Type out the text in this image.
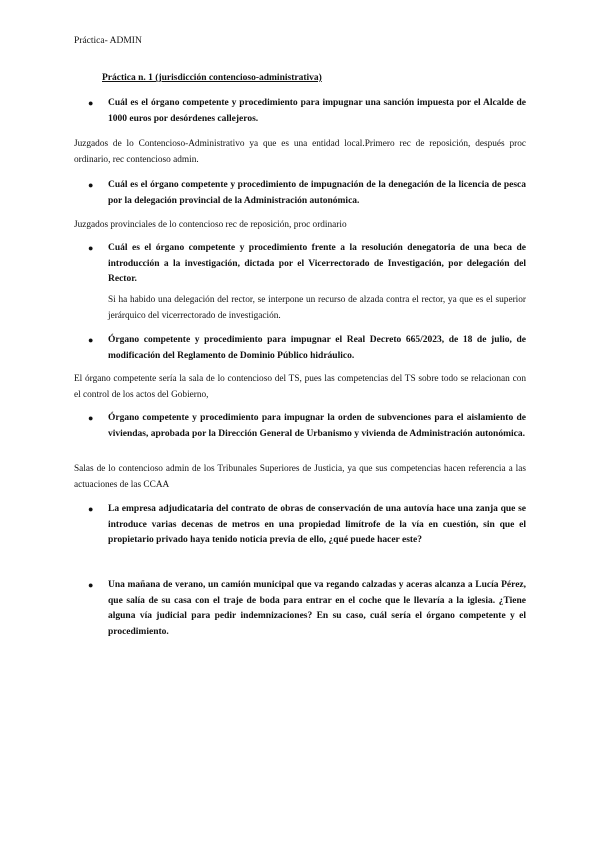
Práctica- ADMIN
Práctica n. 1 (jurisdicción contencioso-administrativa)
● Cuál es el órgano competente y procedimiento para impugnar una sanción impuesta por el Alcalde de 1000 euros por desórdenes callejeros.
Juzgados de lo Contencioso-Administrativo ya que es una entidad local.Primero rec de reposición, después proc ordinario, rec contencioso admin.
● Cuál es el órgano competente y procedimiento de impugnación de la denegación de la licencia de pesca por la delegación provincial de la Administración autonómica.
Juzgados provinciales de lo contencioso rec de reposición, proc ordinario
● Cuál es el órgano competente y procedimiento frente a la resolución denegatoria de una beca de introducción a la investigación, dictada por el Vicerrectorado de Investigación, por delegación del Rector.
Si ha habido una delegación del rector, se interpone un recurso de alzada contra el rector, ya que es el superior jerárquico del vicerrectorado de investigación.
● Órgano competente y procedimiento para impugnar el Real Decreto 665/2023, de 18 de julio, de modificación del Reglamento de Dominio Público hidráulico.
El órgano competente sería la sala de lo contencioso del TS, pues las competencias del TS sobre todo se relacionan con el control de los actos del Gobierno,
● Órgano competente y procedimiento para impugnar la orden de subvenciones para el aislamiento de viviendas, aprobada por la Dirección General de Urbanismo y vivienda de Administración autonómica.
Salas de lo contencioso admin de los Tribunales Superiores de Justicia, ya que sus competencias hacen referencia a las actuaciones de las CCAA
● La empresa adjudicataria del contrato de obras de conservación de una autovía hace una zanja que se introduce varias decenas de metros en una propiedad limítrofe de la vía en cuestión, sin que el propietario privado haya tenido noticia previa de ello, ¿qué puede hacer este?
● Una mañana de verano, un camión municipal que va regando calzadas y aceras alcanza a Lucía Pérez, que salía de su casa con el traje de boda para entrar en el coche que le llevaría a la iglesia. ¿Tiene alguna vía judicial para pedir indemnizaciones? En su caso, cuál sería el órgano competente y el procedimiento.
